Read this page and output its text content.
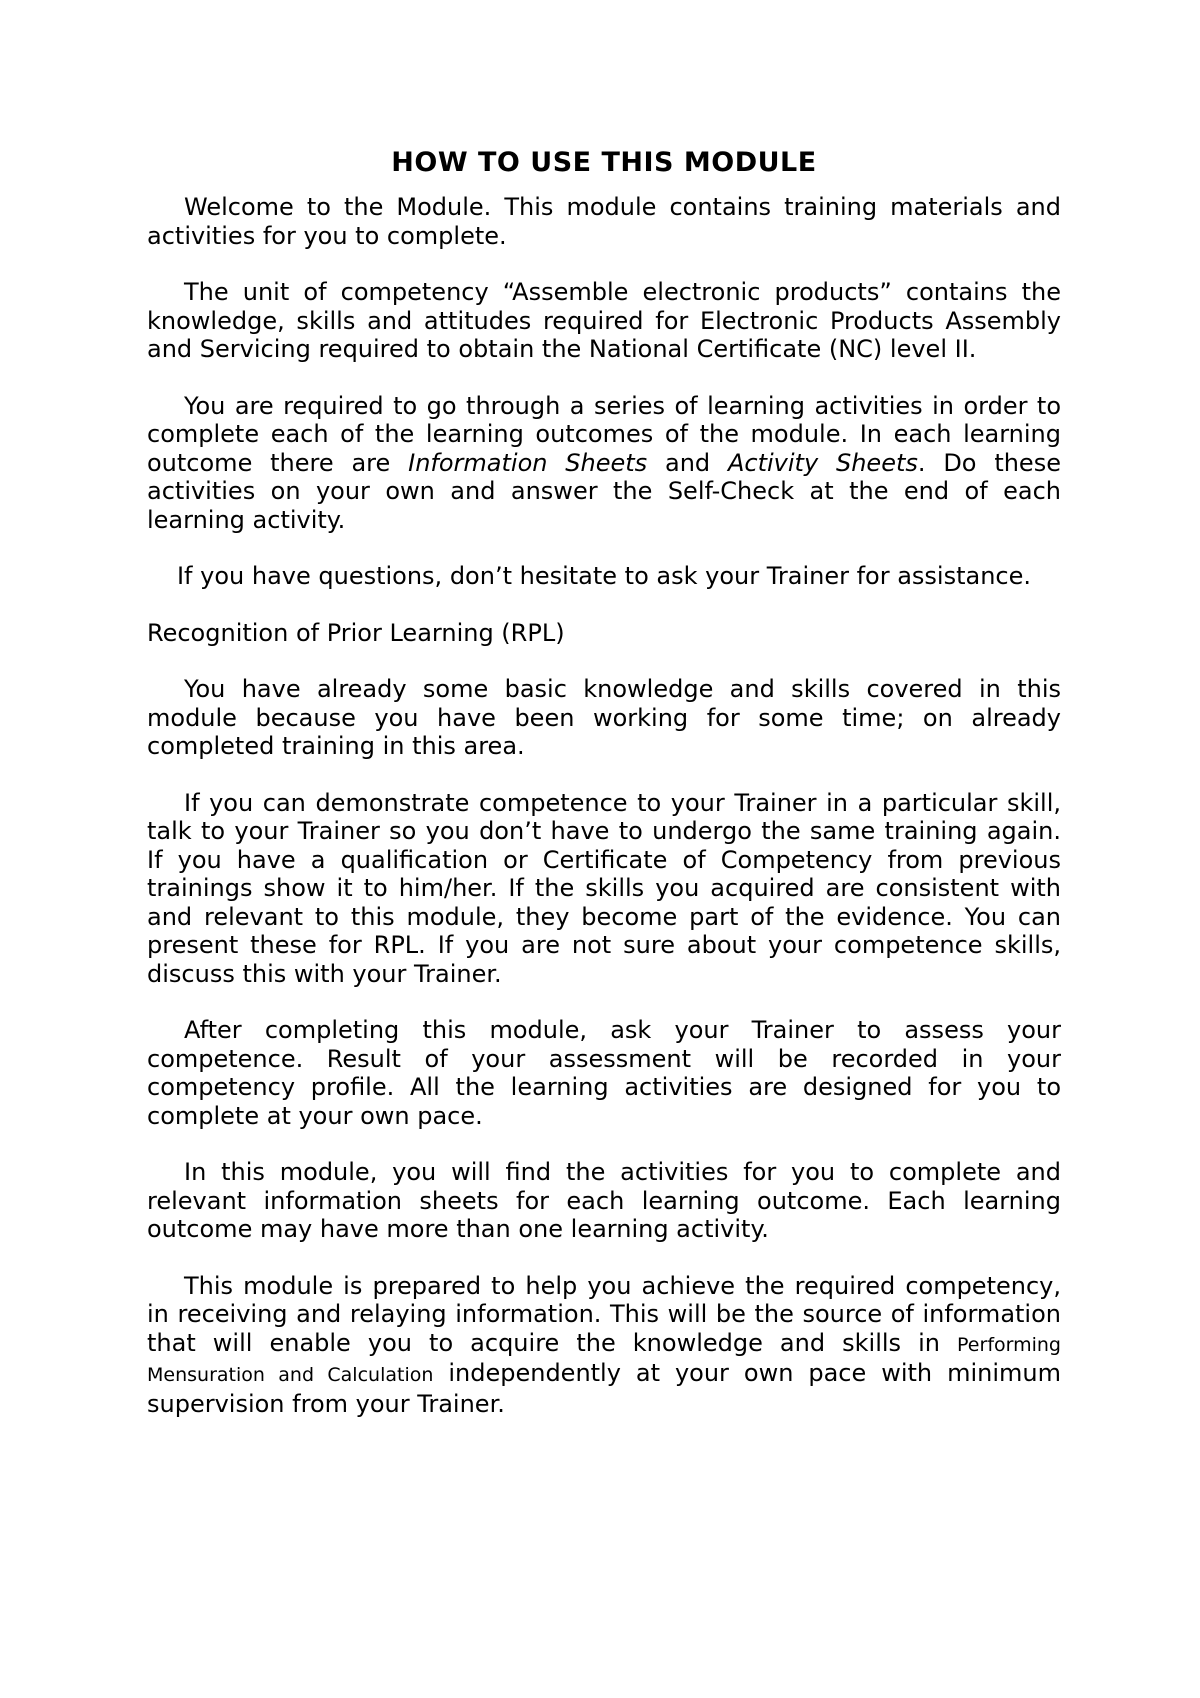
HOW TO USE THIS MODULE

Welcome to the Module. This module contains training materials and activities for you to complete.

The unit of competency “Assemble electronic products” contains the knowledge, skills and attitudes required for Electronic Products Assembly and Servicing required to obtain the National Certificate (NC) level II.

You are required to go through a series of learning activities in order to complete each of the learning outcomes of the module. In each learning outcome there are Information Sheets and Activity Sheets. Do these activities on your own and answer the Self-Check at the end of each learning activity.

If you have questions, don’t hesitate to ask your Trainer for assistance.

Recognition of Prior Learning (RPL)

You have already some basic knowledge and skills covered in this module because you have been working for some time; on already completed training in this area.

If you can demonstrate competence to your Trainer in a particular skill, talk to your Trainer so you don’t have to undergo the same training again. If you have a qualification or Certificate of Competency from previous trainings show it to him/her. If the skills you acquired are consistent with and relevant to this module, they become part of the evidence. You can present these for RPL. If you are not sure about your competence skills, discuss this with your Trainer.

After completing this module, ask your Trainer to assess your competence. Result of your assessment will be recorded in your competency profile. All the learning activities are designed for you to complete at your own pace.

In this module, you will find the activities for you to complete and relevant information sheets for each learning outcome. Each learning outcome may have more than one learning activity.

This module is prepared to help you achieve the required competency, in receiving and relaying information. This will be the source of information that will enable you to acquire the knowledge and skills in Performing Mensuration and Calculation independently at your own pace with minimum supervision from your Trainer.
